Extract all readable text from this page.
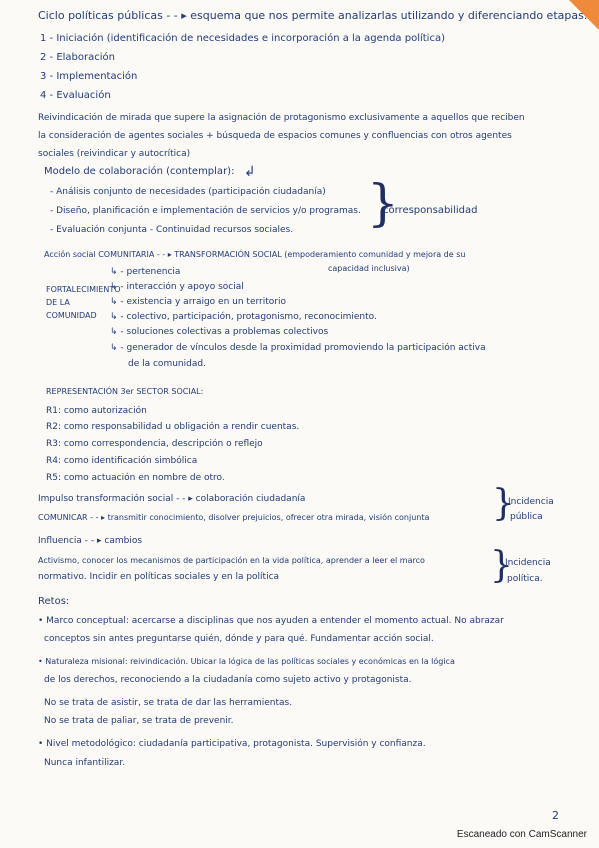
Ciclo políticas públicas - - ▸ esquema que nos permite analizarlas utilizando y diferenciando etapas.
1 - Iniciación (identificación de necesidades e incorporación a la agenda política)
2 - Elaboración
3 - Implementación
4 - Evaluación
Reivindicación de mirada que supere la asignación de protagonismo exclusivamente a aquellos que reciben
la consideración de agentes sociales + búsqueda de espacios comunes y confluencias con otros agentes
sociales (reivindicar y autocrítica)
Modelo de colaboración (contemplar): ↲
- Análisis conjunto de necesidades (participación ciudadanía)
- Diseño, planificación e implementación de servicios y/o programas.
- Evaluación conjunta - Continuidad recursos sociales. }
corresponsabilidad
Acción social COMUNITARIA - - ▸ TRANSFORMACIÓN SOCIAL (empoderamiento comunidad y mejora de su
capacidad inclusiva)
FORTALECIMIENTO
DE LA
COMUNIDAD
↳ - pertenencia
↳ - interacción y apoyo social
↳ - existencia y arraigo en un territorio
↳ - colectivo, participación, protagonismo, reconocimiento.
↳ - soluciones colectivas a problemas colectivos
↳ - generador de vínculos desde la proximidad promoviendo la participación activa
de la comunidad.
REPRESENTACIÓN 3er SECTOR SOCIAL:
R1: como autorización
R2: como responsabilidad u obligación a rendir cuentas.
R3: como correspondencia, descripción o reflejo
R4: como identificación simbólica
R5: como actuación en nombre de otro.
Impulso transformación social - - ▸ colaboración ciudadanía
COMUNICAR - - ▸ transmitir conocimiento, disolver prejuicios, ofrecer otra mirada, visión conjunta }
Incidencia
pública
Influencia - - ▸ cambios
Activismo, conocer los mecanismos de participación en la vida política, aprender a leer el marco
normativo. Incidir en políticas sociales y en la política	}
Incidencia
política.
Retos:
• Marco conceptual: acercarse a disciplinas que nos ayuden a entender el momento actual. No abrazar
conceptos sin antes preguntarse quién, dónde y para qué. Fundamentar acción social.
• Naturaleza misional: reivindicación. Ubicar la lógica de las políticas sociales y económicas en la lógica
de los derechos, reconociendo a la ciudadanía como sujeto activo y protagonista.
No se trata de asistir, se trata de dar las herramientas.
No se trata de paliar, se trata de prevenir.
• Nivel metodológico: ciudadanía participativa, protagonista. Supervisión y confianza.
Nunca infantilizar.
2
Escaneado con CamScanner
